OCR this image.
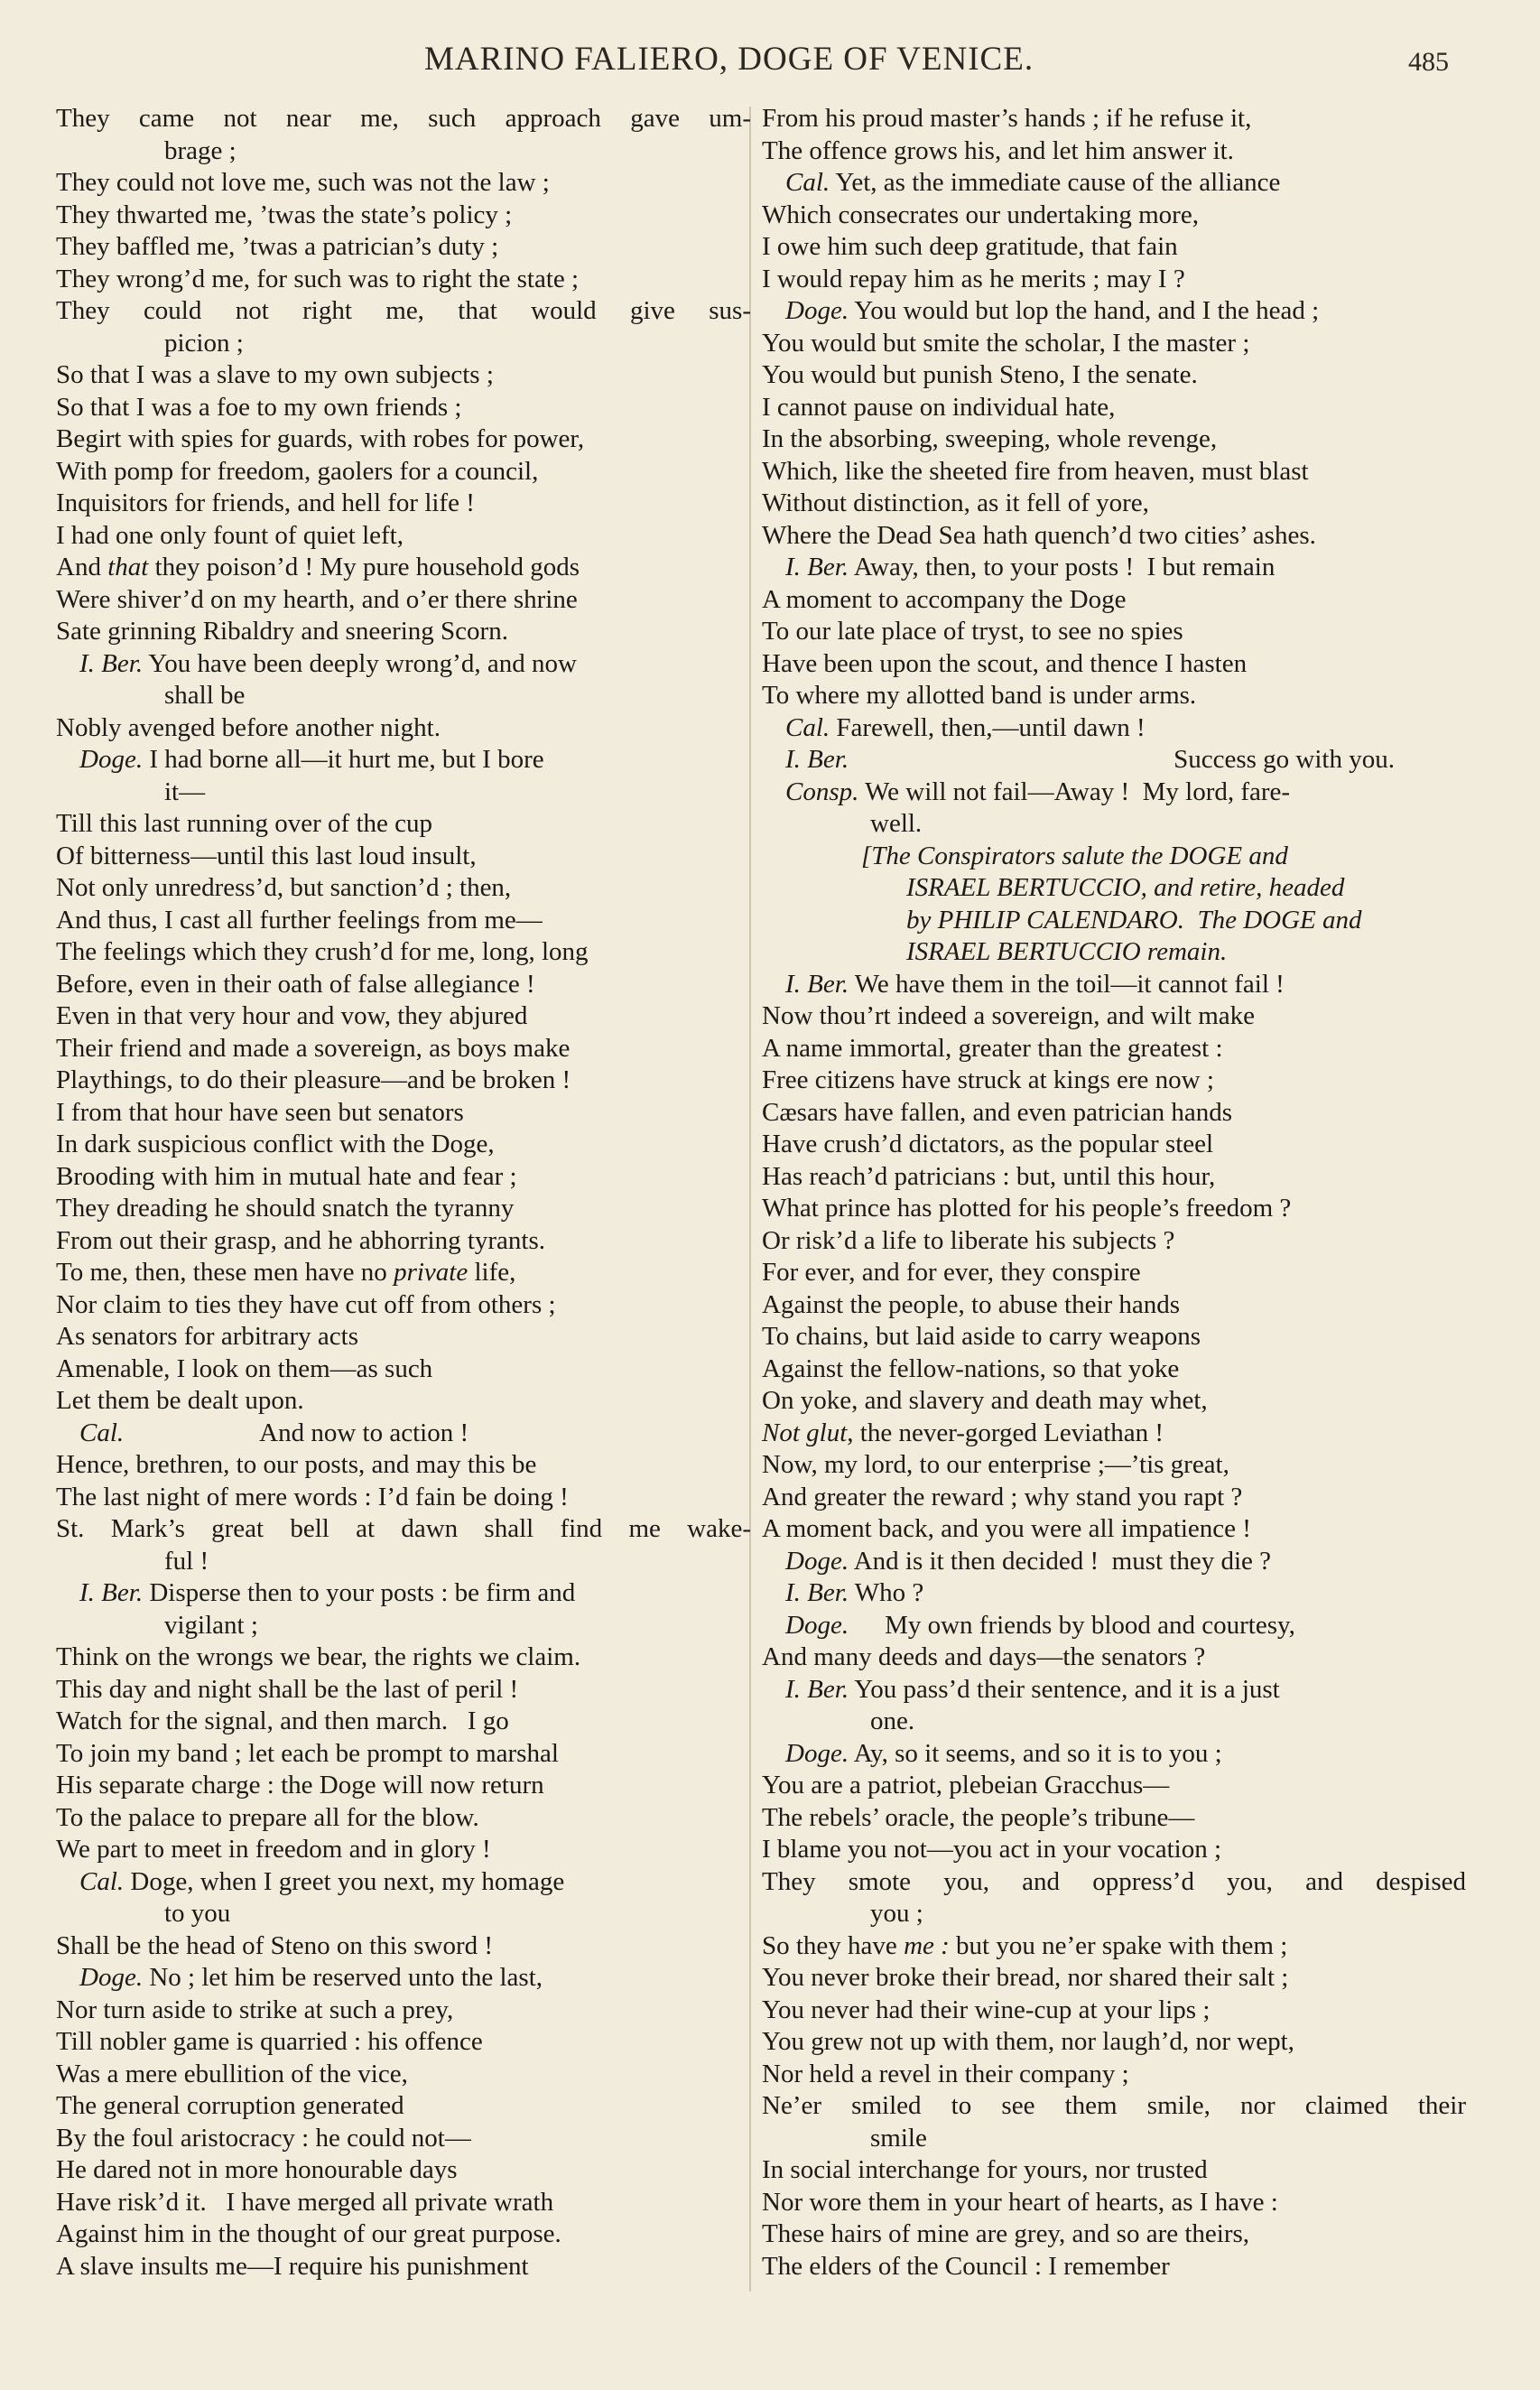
MARINO FALIERO, DOGE OF VENICE.	485
They came not near me, such approach gave um-
brage ;
They could not love me, such was not the law ;
They thwarted me, ’twas the state’s policy ;
They baffled me, ’twas a patrician’s duty ;
They wrong’d me, for such was to right the state ;
They could not right me, that would give sus-
picion ;
So that I was a slave to my own subjects ;
So that I was a foe to my own friends ;
Begirt with spies for guards, with robes for power,
With pomp for freedom, gaolers for a council,
Inquisitors for friends, and hell for life !
I had one only fount of quiet left,
And that they poison’d ! My pure household gods
Were shiver’d on my hearth, and o’er there shrine
Sate grinning Ribaldry and sneering Scorn.
I. Ber. You have been deeply wrong’d, and now
shall be
Nobly avenged before another night.
Doge. I had borne all—it hurt me, but I bore
it—
Till this last running over of the cup
Of bitterness—until this last loud insult,
Not only unredress’d, but sanction’d ; then,
And thus, I cast all further feelings from me—
The feelings which they crush’d for me, long, long
Before, even in their oath of false allegiance !
Even in that very hour and vow, they abjured
Their friend and made a sovereign, as boys make
Playthings, to do their pleasure—and be broken !
I from that hour have seen but senators
In dark suspicious conflict with the Doge,
Brooding with him in mutual hate and fear ;
They dreading he should snatch the tyranny
From out their grasp, and he abhorring tyrants.
To me, then, these men have no private life,
Nor claim to ties they have cut off from others ;
As senators for arbitrary acts
Amenable, I look on them—as such
Let them be dealt upon.
Cal.	And now to action !
Hence, brethren, to our posts, and may this be
The last night of mere words : I’d fain be doing !
St. Mark’s great bell at dawn shall find me wake-
ful !
I. Ber. Disperse then to your posts : be firm and
vigilant ;
Think on the wrongs we bear, the rights we claim.
This day and night shall be the last of peril !
Watch for the signal, and then march.   I go
To join my band ; let each be prompt to marshal
His separate charge : the Doge will now return
To the palace to prepare all for the blow.
We part to meet in freedom and in glory !
Cal. Doge, when I greet you next, my homage
to you
Shall be the head of Steno on this sword !
Doge. No ; let him be reserved unto the last,
Nor turn aside to strike at such a prey,
Till nobler game is quarried : his offence
Was a mere ebullition of the vice,
The general corruption generated
By the foul aristocracy : he could not—
He dared not in more honourable days
Have risk’d it.   I have merged all private wrath
Against him in the thought of our great purpose.
A slave insults me—I require his punishment
From his proud master’s hands ; if he refuse it,
The offence grows his, and let him answer it.
Cal. Yet, as the immediate cause of the alliance
Which consecrates our undertaking more,
I owe him such deep gratitude, that fain
I would repay him as he merits ; may I ?
Doge. You would but lop the hand, and I the head ;
You would but smite the scholar, I the master ;
You would but punish Steno, I the senate.
I cannot pause on individual hate,
In the absorbing, sweeping, whole revenge,
Which, like the sheeted fire from heaven, must blast
Without distinction, as it fell of yore,
Where the Dead Sea hath quench’d two cities’ ashes.
I. Ber. Away, then, to your posts !  I but remain
A moment to accompany the Doge
To our late place of tryst, to see no spies
Have been upon the scout, and thence I hasten
To where my allotted band is under arms.
Cal. Farewell, then,—until dawn !
I. Ber.	Success go with you.
Consp. We will not fail—Away !  My lord, fare-
well.
[The Conspirators salute the DOGE and
ISRAEL BERTUCCIO, and retire, headed
by PHILIP CALENDARO.  The DOGE and
ISRAEL BERTUCCIO remain.
I. Ber. We have them in the toil—it cannot fail !
Now thou’rt indeed a sovereign, and wilt make
A name immortal, greater than the greatest :
Free citizens have struck at kings ere now ;
Cæsars have fallen, and even patrician hands
Have crush’d dictators, as the popular steel
Has reach’d patricians : but, until this hour,
What prince has plotted for his people’s freedom ?
Or risk’d a life to liberate his subjects ?
For ever, and for ever, they conspire
Against the people, to abuse their hands
To chains, but laid aside to carry weapons
Against the fellow-nations, so that yoke
On yoke, and slavery and death may whet,
Not glut, the never-gorged Leviathan !
Now, my lord, to our enterprise ;—’tis great,
And greater the reward ; why stand you rapt ?
A moment back, and you were all impatience !
Doge. And is it then decided !  must they die ?
I. Ber. Who ?
Doge. My own friends by blood and courtesy,
And many deeds and days—the senators ?
I. Ber. You pass’d their sentence, and it is a just
one.
Doge. Ay, so it seems, and so it is to you ;
You are a patriot, plebeian Gracchus—
The rebels’ oracle, the people’s tribune—
I blame you not—you act in your vocation ;
They smote you, and oppress’d you, and despised
you ;
So they have me : but you ne’er spake with them ;
You never broke their bread, nor shared their salt ;
You never had their wine-cup at your lips ;
You grew not up with them, nor laugh’d, nor wept,
Nor held a revel in their company ;
Ne’er smiled to see them smile, nor claimed their
smile
In social interchange for yours, nor trusted
Nor wore them in your heart of hearts, as I have :
These hairs of mine are grey, and so are theirs,
The elders of the Council : I remember
